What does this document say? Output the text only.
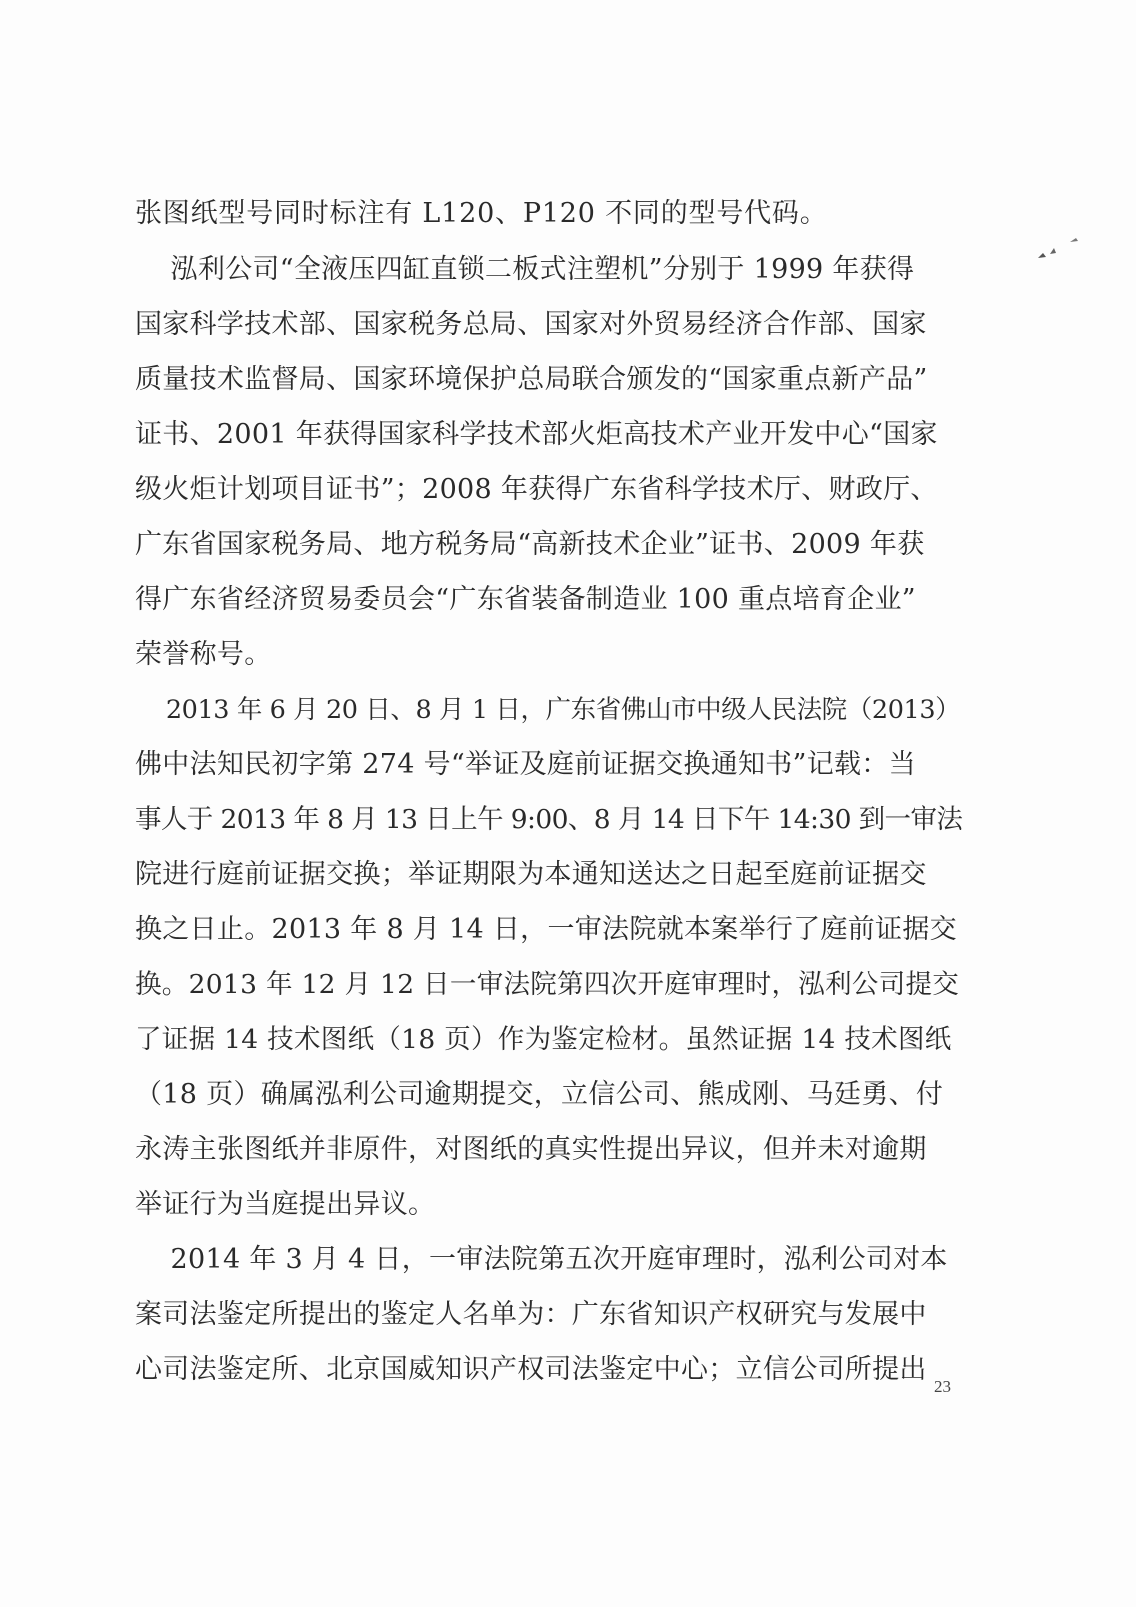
张图纸型号同时标注有 L120、P120 不同的型号代码。
泓利公司“全液压四缸直锁二板式注塑机”分别于 1999 年获得
国家科学技术部、国家税务总局、国家对外贸易经济合作部、国家
质量技术监督局、国家环境保护总局联合颁发的“国家重点新产品”
证书、2001 年获得国家科学技术部火炬高技术产业开发中心“国家
级火炬计划项目证书”；2008 年获得广东省科学技术厅、财政厅、
广东省国家税务局、地方税务局“高新技术企业”证书、2009 年获
得广东省经济贸易委员会“广东省装备制造业 100 重点培育企业”
荣誉称号。
2013 年 6 月 20 日、8 月 1 日，广东省佛山市中级人民法院（2013）
佛中法知民初字第 274 号“举证及庭前证据交换通知书”记载：当
事人于 2013 年 8 月 13 日上午 9:00、8 月 14 日下午 14:30 到一审法
院进行庭前证据交换；举证期限为本通知送达之日起至庭前证据交
换之日止。2013 年 8 月 14 日，一审法院就本案举行了庭前证据交
换。2013 年 12 月 12 日一审法院第四次开庭审理时，泓利公司提交
了证据 14 技术图纸（18 页）作为鉴定检材。虽然证据 14 技术图纸
（18 页）确属泓利公司逾期提交，立信公司、熊成刚、马廷勇、付
永涛主张图纸并非原件，对图纸的真实性提出异议，但并未对逾期
举证行为当庭提出异议。
2014 年 3 月 4 日，一审法院第五次开庭审理时，泓利公司对本
案司法鉴定所提出的鉴定人名单为：广东省知识产权研究与发展中
心司法鉴定所、北京国威知识产权司法鉴定中心；立信公司所提出
23
